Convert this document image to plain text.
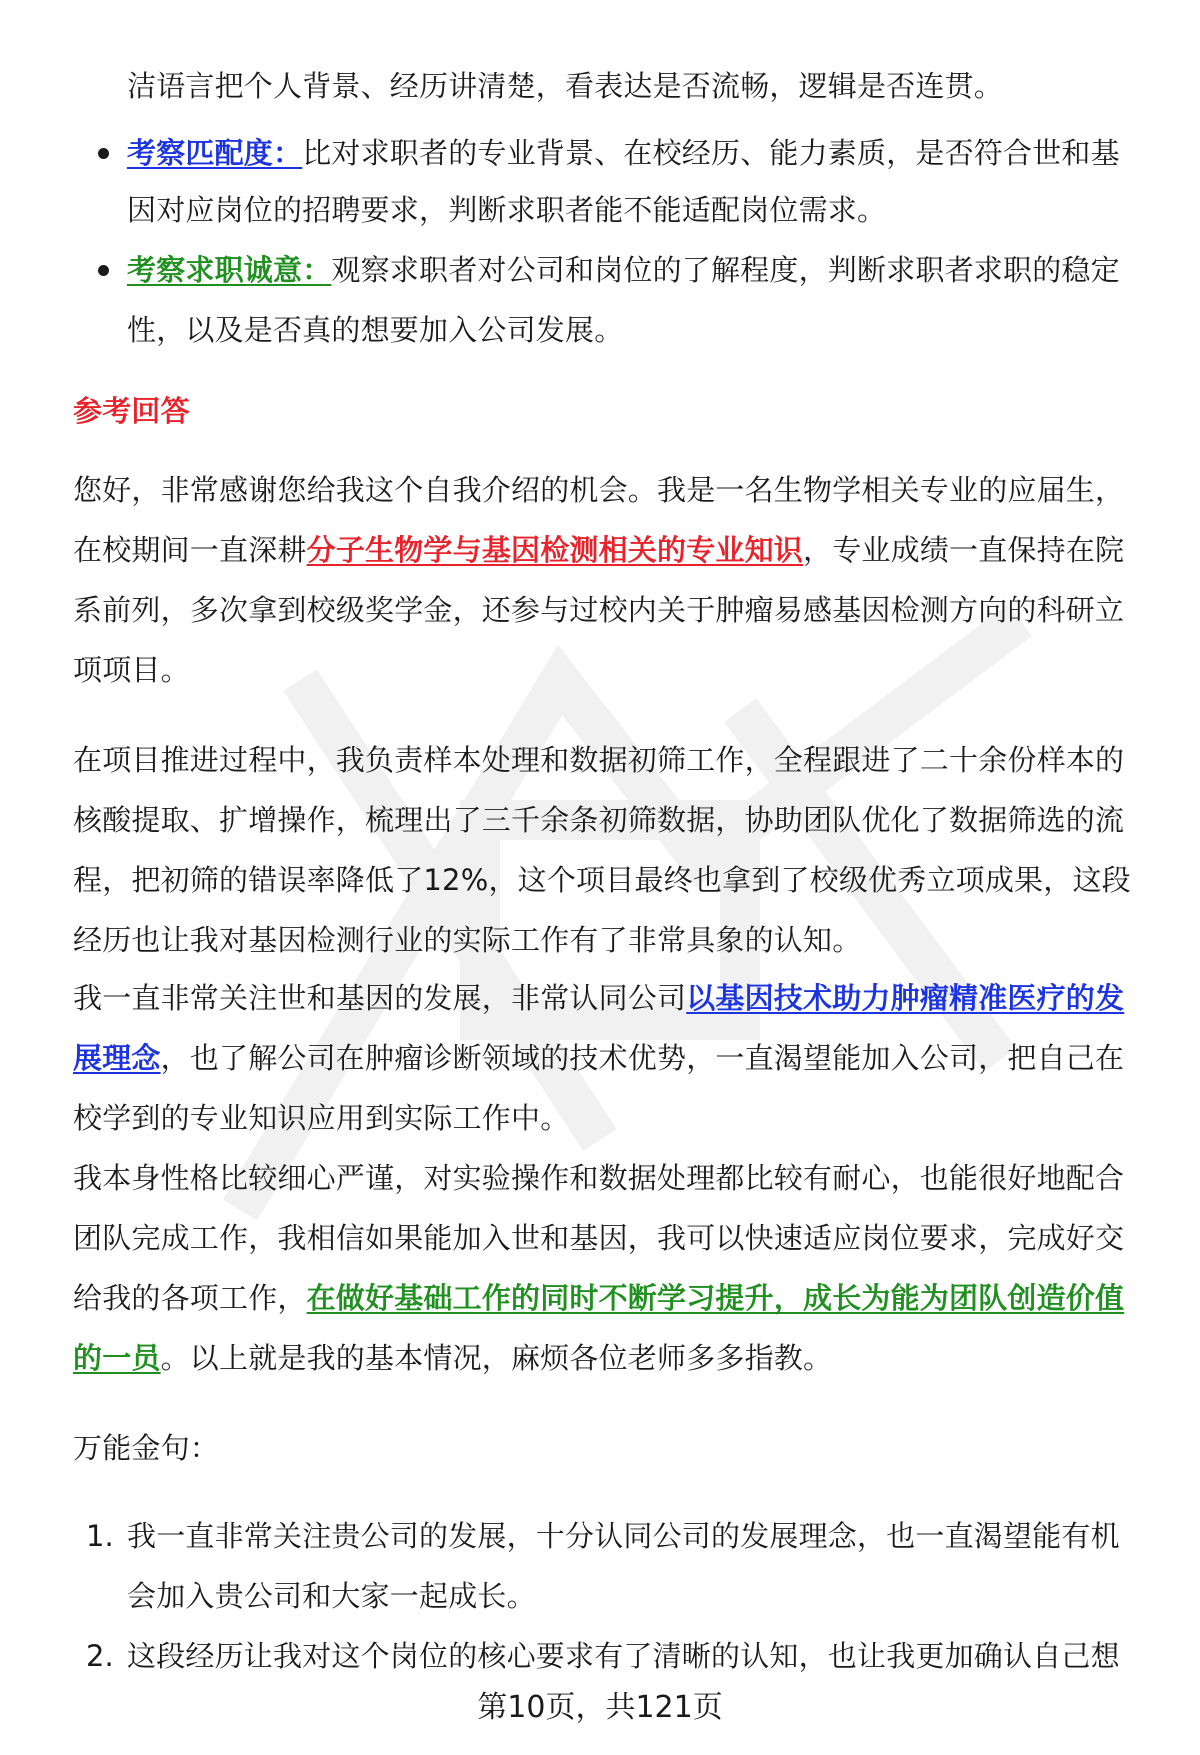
洁语言把个人背景、经历讲清楚，看表达是否流畅，逻辑是否连贯。
考察匹配度：比对求职者的专业背景、在校经历、能力素质，是否符合世和基
因对应岗位的招聘要求，判断求职者能不能适配岗位需求。
考察求职诚意：观察求职者对公司和岗位的了解程度，判断求职者求职的稳定
性，以及是否真的想要加入公司发展。
参考回答
您好，非常感谢您给我这个自我介绍的机会。我是一名生物学相关专业的应届生，
在校期间一直深耕分子生物学与基因检测相关的专业知识，专业成绩一直保持在院
系前列，多次拿到校级奖学金，还参与过校内关于肿瘤易感基因检测方向的科研立
项项目。
在项目推进过程中，我负责样本处理和数据初筛工作，全程跟进了二十余份样本的
核酸提取、扩增操作，梳理出了三千余条初筛数据，协助团队优化了数据筛选的流
程，把初筛的错误率降低了12%，这个项目最终也拿到了校级优秀立项成果，这段
经历也让我对基因检测行业的实际工作有了非常具象的认知。
我一直非常关注世和基因的发展，非常认同公司以基因技术助力肿瘤精准医疗的发
展理念，也了解公司在肿瘤诊断领域的技术优势，一直渴望能加入公司，把自己在
校学到的专业知识应用到实际工作中。
我本身性格比较细心严谨，对实验操作和数据处理都比较有耐心，也能很好地配合
团队完成工作，我相信如果能加入世和基因，我可以快速适应岗位要求，完成好交
给我的各项工作，在做好基础工作的同时不断学习提升，成长为能为团队创造价值
的一员。以上就是我的基本情况，麻烦各位老师多多指教。
万能金句：
1. 我一直非常关注贵公司的发展，十分认同公司的发展理念，也一直渴望能有机
会加入贵公司和大家一起成长。
2. 这段经历让我对这个岗位的核心要求有了清晰的认知，也让我更加确认自己想
第10页，共121页
